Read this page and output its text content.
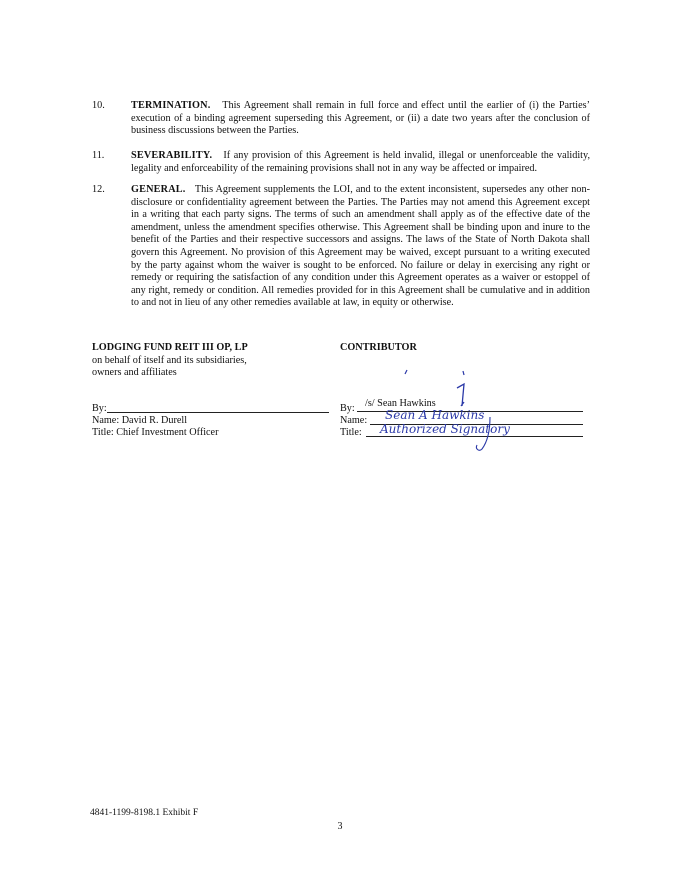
10.	TERMINATION.   This Agreement shall remain in full force and effect until the earlier of (i) the Parties’ execution of a binding agreement superseding this Agreement, or (ii) a date two years after the conclusion of business discussions between the Parties.
11.	SEVERABILITY.   If any provision of this Agreement is held invalid, illegal or unenforceable the validity, legality and enforceability of the remaining provisions shall not in any way be affected or impaired.
12.	GENERAL.   This Agreement supplements the LOI, and to the extent inconsistent, supersedes any other non-disclosure or confidentiality agreement between the Parties. The Parties may not amend this Agreement except in a writing that each party signs. The terms of such an amendment shall apply as of the effective date of the amendment, unless the amendment specifies otherwise. This Agreement shall be binding upon and inure to the benefit of the Parties and their respective successors and assigns. The laws of the State of North Dakota shall govern this Agreement. No provision of this Agreement may be waived, except pursuant to a writing executed by the party against whom the waiver is sought to be enforced. No failure or delay in exercising any right or remedy or requiring the satisfaction of any condition under this Agreement operates as a waiver or estoppel of any right, remedy or condition. All remedies provided for in this Agreement shall be cumulative and in addition to and not in lieu of any other remedies available at law, in equity or otherwise.
LODGING FUND REIT III OP, LP
on behalf of itself and its subsidiaries,
owners and affiliates
By:
Name: David R. Durell
Title: Chief Investment Officer
CONTRIBUTOR
By: /s/ Sean Hawkins
Name: Sean A Hawkins
Title: Authorized Signatory
4841-1199-8198.1 Exhibit F
3
